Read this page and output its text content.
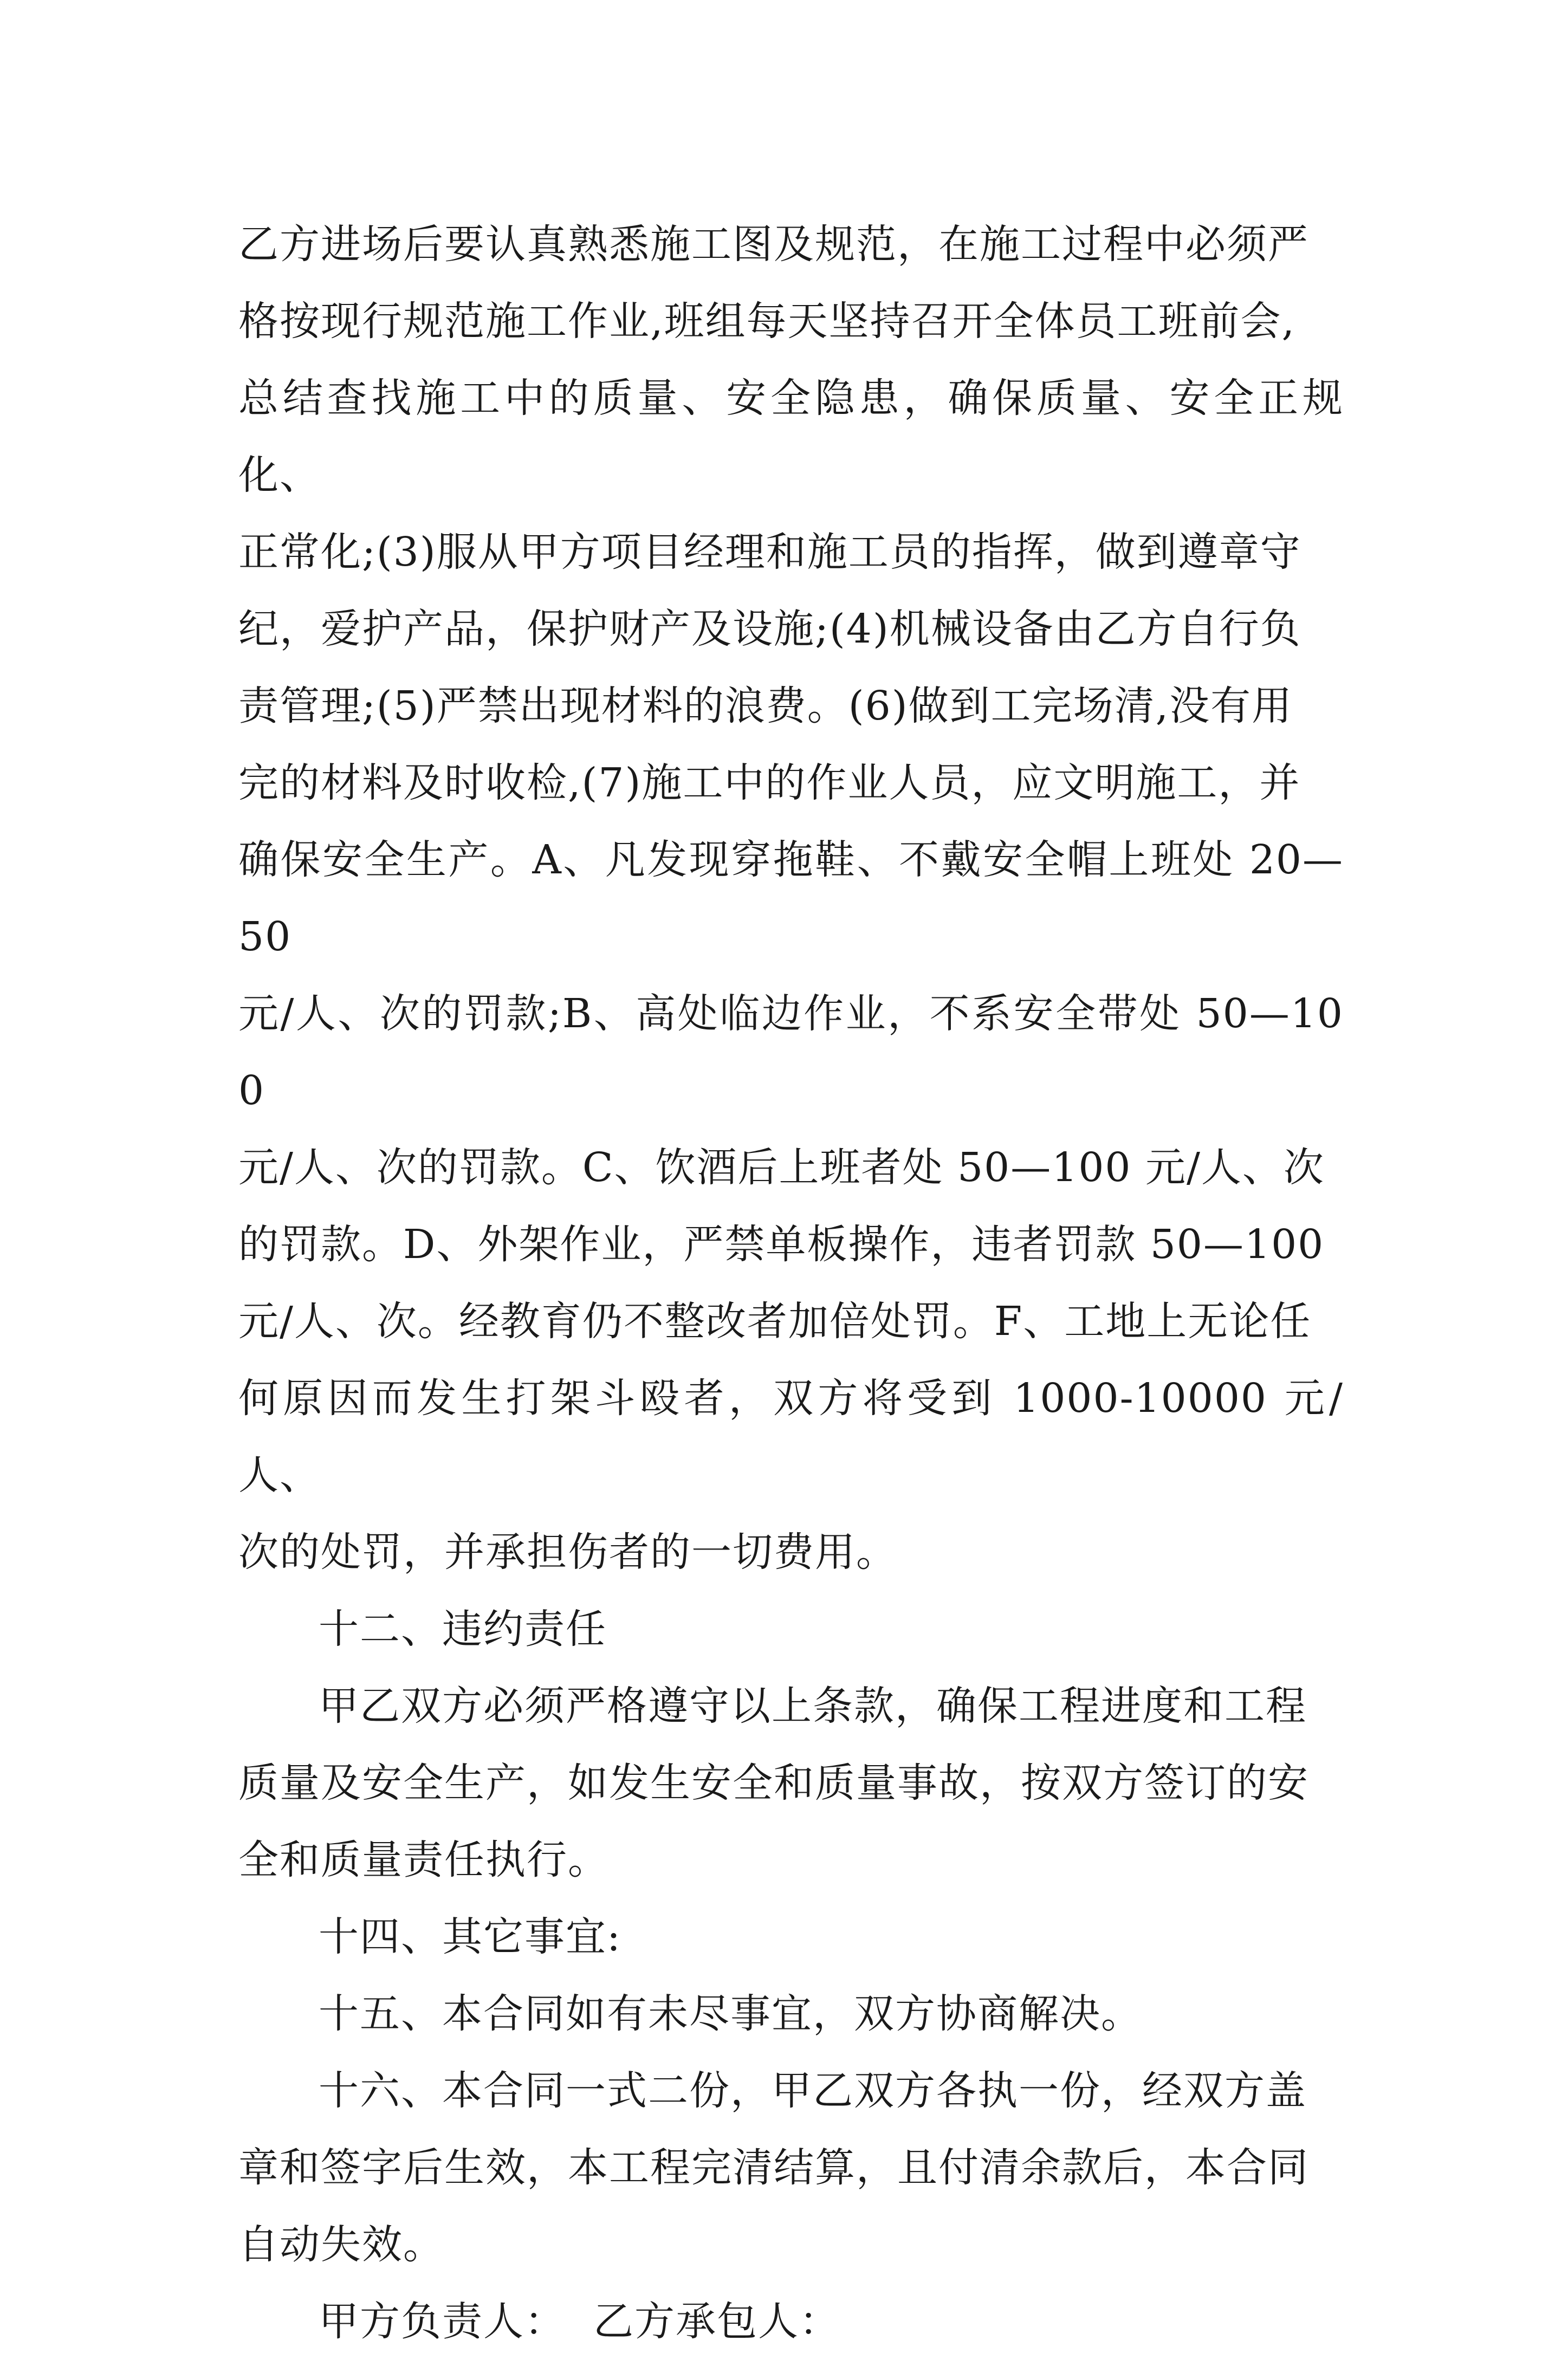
乙方进场后要认真熟悉施工图及规范，在施工过程中必须严
格按现行规范施工作业,班组每天坚持召开全体员工班前会,
总结查找施工中的质量、安全隐患，确保质量、安全正规化、
正常化;(3)服从甲方项目经理和施工员的指挥，做到遵章守
纪，爱护产品，保护财产及设施;(4)机械设备由乙方自行负
责管理;(5)严禁出现材料的浪费。(6)做到工完场清,没有用
完的材料及时收检,(7)施工中的作业人员，应文明施工，并
确保安全生产。A、凡发现穿拖鞋、不戴安全帽上班处 20—50
元/人、次的罚款;B、高处临边作业，不系安全带处 50—100
元/人、次的罚款。C、饮酒后上班者处 50—100 元/人、次
的罚款。D、外架作业，严禁单板操作，违者罚款 50—100
元/人、次。经教育仍不整改者加倍处罚。F、工地上无论任
何原因而发生打架斗殴者，双方将受到 1000-10000 元/人、
次的处罚，并承担伤者的一切费用。

十二、违约责任

甲乙双方必须严格遵守以上条款，确保工程进度和工程
质量及安全生产，如发生安全和质量事故，按双方签订的安
全和质量责任执行。

十四、其它事宜:

十五、本合同如有未尽事宜，双方协商解决。

十六、本合同一式二份，甲乙双方各执一份，经双方盖
章和签字后生效，本工程完清结算，且付清余款后，本合同
自动失效。

甲方负责人：  乙方承包人：
